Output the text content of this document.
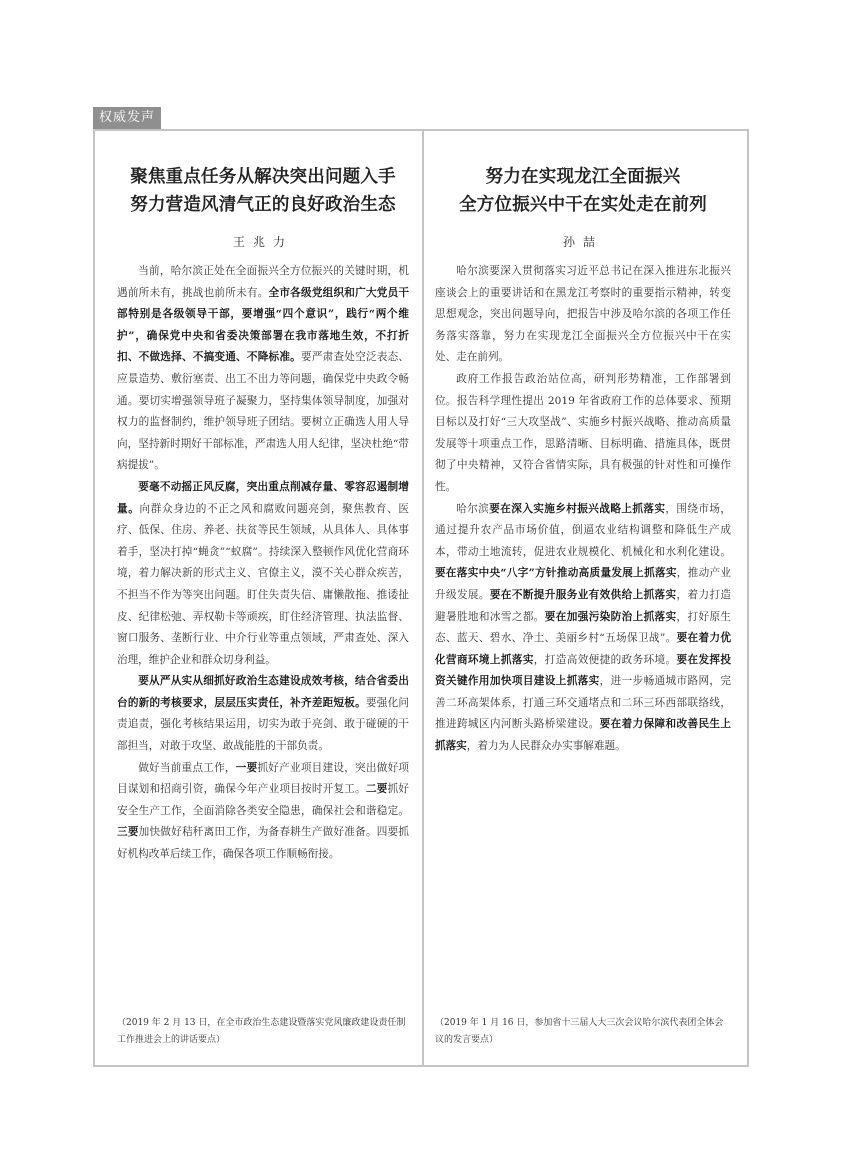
权威发声
聚焦重点任务从解决突出问题入手
努力营造风清气正的良好政治生态
王兆力

当前，哈尔滨正处在全面振兴全方位振兴的关键时期，机遇前所未有，挑战也前所未有。全市各级党组织和广大党员干部特别是各级领导干部，要增强“四个意识”，践行“两个维护”，确保党中央和省委决策部署在我市落地生效，不打折扣、不做选择、不搞变通、不降标准。要严肃查处空泛表态、应景造势、敷衍塞责、出工不出力等问题，确保党中央政令畅通。要切实增强领导班子凝聚力，坚持集体领导制度，加强对权力的监督制约，维护领导班子团结。要树立正确选人用人导向，坚持新时期好干部标准，严肃选人用人纪律，坚决杜绝“带病提拔”。

要毫不动摇正风反腐，突出重点削减存量、零容忍遏制增量。向群众身边的不正之风和腐败问题亮剑，聚焦教育、医疗、低保、住房、养老、扶贫等民生领域，从具体人、具体事着手，坚决打掉“蝇贪”“蚁腐”。持续深入整顿作风优化营商环境，着力解决新的形式主义、官僚主义，漠不关心群众疾苦，不担当不作为等突出问题。盯住失责失信、庸懒散拖、推诿扯皮、纪律松弛、弄权勒卡等顽疾，盯住经济管理、执法监督、窗口服务、垄断行业、中介行业等重点领域，严肃查处、深入治理，维护企业和群众切身利益。

要从严从实从细抓好政治生态建设成效考核，结合省委出台的新的考核要求，层层压实责任，补齐差距短板。要强化问责追责，强化考核结果运用，切实为敢于亮剑、敢于碰硬的干部担当，对敢于攻坚、敢战能胜的干部负责。

做好当前重点工作，一要抓好产业项目建设，突出做好项目谋划和招商引资，确保今年产业项目按时开复工。二要抓好安全生产工作，全面消除各类安全隐患，确保社会和谐稳定。三要加快做好秸秆离田工作，为备春耕生产做好准备。四要抓好机构改革后续工作，确保各项工作顺畅衔接。

（2019 年 2 月 13 日，在全市政治生态建设暨落实党风廉政建设责任制工作推进会上的讲话要点）
努力在实现龙江全面振兴
全方位振兴中干在实处走在前列
孙喆

哈尔滨要深入贯彻落实习近平总书记在深入推进东北振兴座谈会上的重要讲话和在黑龙江考察时的重要指示精神，转变思想观念，突出问题导向，把报告中涉及哈尔滨的各项工作任务落实落靠，努力在实现龙江全面振兴全方位振兴中干在实处、走在前列。

政府工作报告政治站位高，研判形势精准，工作部署到位。报告科学理性提出 2019 年省政府工作的总体要求、预期目标以及打好“三大攻坚战”、实施乡村振兴战略、推动高质量发展等十项重点工作，思路清晰、目标明确、措施具体，既贯彻了中央精神，又符合省情实际，具有极强的针对性和可操作性。

哈尔滨要在深入实施乡村振兴战略上抓落实，围绕市场，通过提升农产品市场价值，倒逼农业结构调整和降低生产成本，带动土地流转，促进农业规模化、机械化和水利化建设。要在落实中央“八字”方针推动高质量发展上抓落实，推动产业升级发展。要在不断提升服务业有效供给上抓落实，着力打造避暑胜地和冰雪之都。要在加强污染防治上抓落实，打好原生态、蓝天、碧水、净土、美丽乡村“五场保卫战”。要在着力优化营商环境上抓落实，打造高效便捷的政务环境。要在发挥投资关键作用加快项目建设上抓落实，进一步畅通城市路网，完善二环高架体系，打通三环交通堵点和二环三环西部联络线，推进跨城区内河断头路桥梁建设。要在着力保障和改善民生上抓落实，着力为人民群众办实事解难题。

（2019 年 1 月 16 日，参加省十三届人大三次会议哈尔滨代表团全体会议的发言要点）
